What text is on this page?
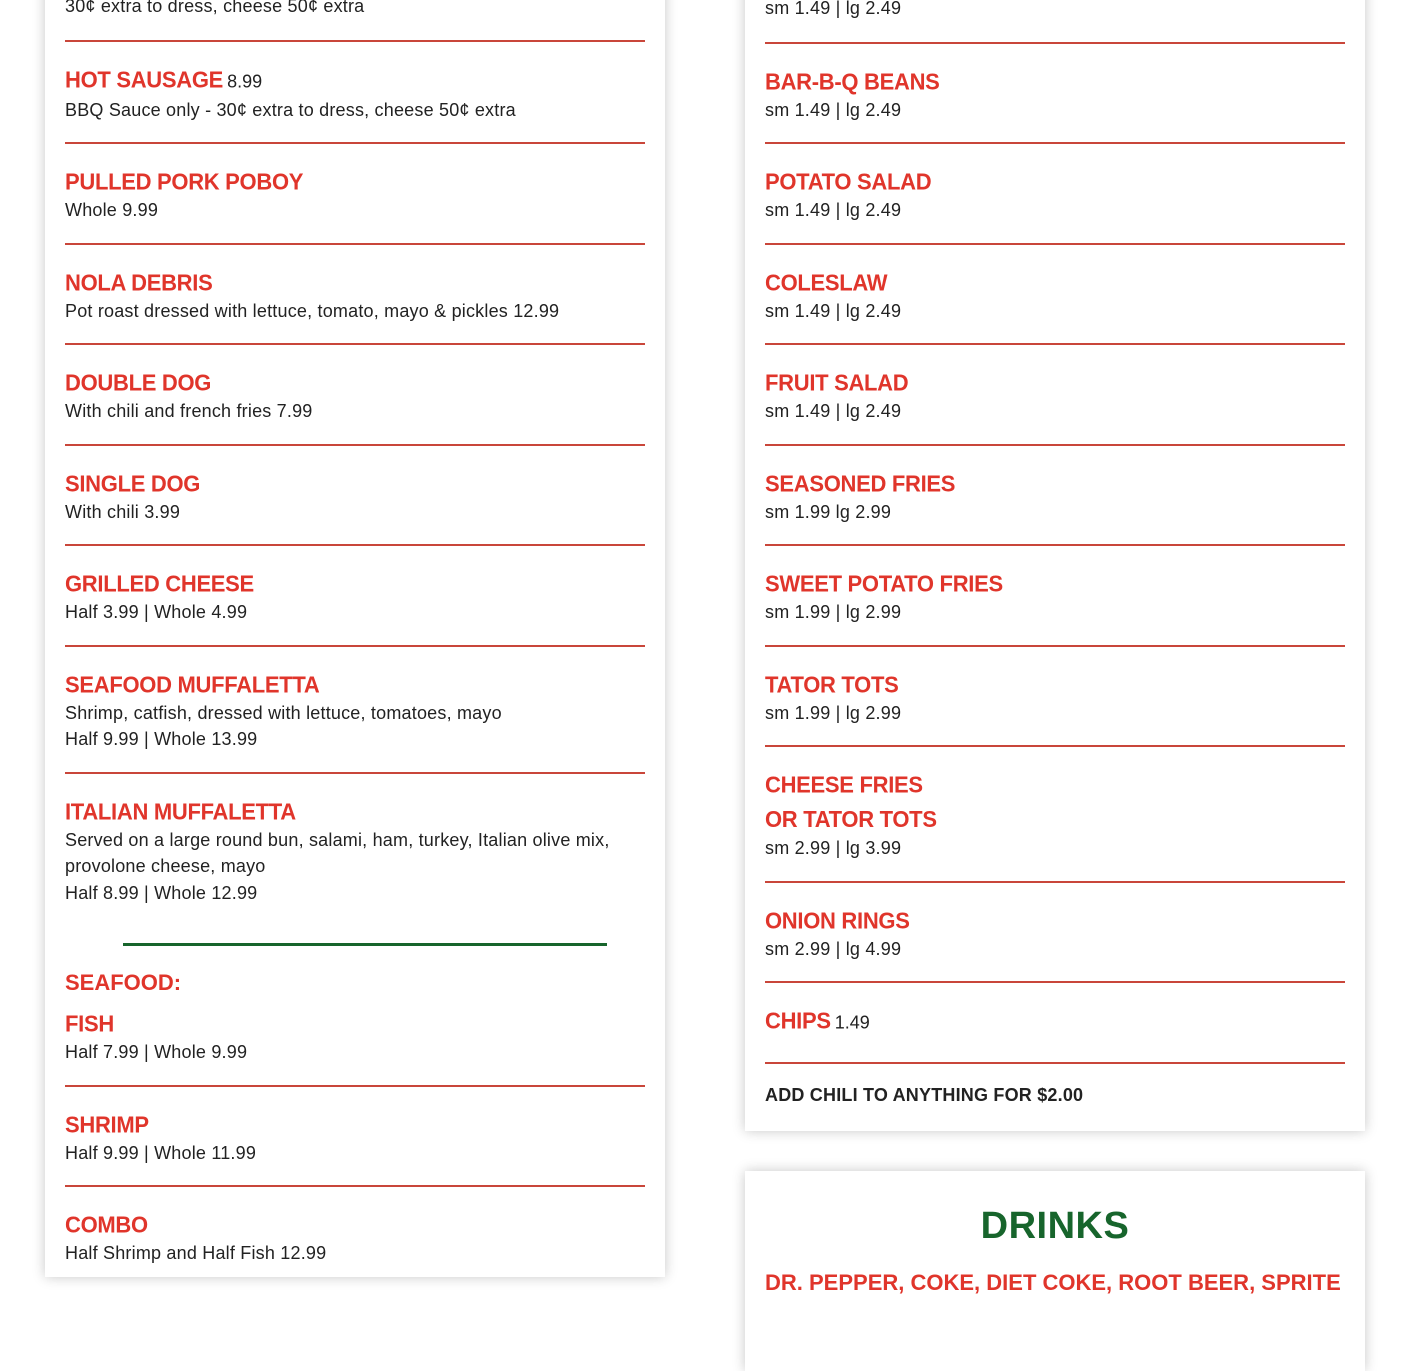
30¢ extra to dress, cheese 50¢ extra
HOT SAUSAGE 8.99
BBQ Sauce only - 30¢ extra to dress, cheese 50¢ extra
PULLED PORK POBOY
Whole 9.99
NOLA DEBRIS
Pot roast dressed with lettuce, tomato, mayo & pickles 12.99
DOUBLE DOG
With chili and french fries 7.99
SINGLE DOG
With chili 3.99
GRILLED CHEESE
Half 3.99 | Whole 4.99
SEAFOOD MUFFALETTA
Shrimp, catfish, dressed with lettuce, tomatoes, mayo
Half 9.99 | Whole 13.99
ITALIAN MUFFALETTA
Served on a large round bun, salami, ham, turkey, Italian olive mix, provolone cheese, mayo
Half 8.99 | Whole 12.99
SEAFOOD:
FISH
Half 7.99 | Whole 9.99
SHRIMP
Half 9.99 | Whole 11.99
COMBO
Half Shrimp and Half Fish 12.99
sm 1.49 | lg 2.49
BAR-B-Q BEANS
sm 1.49 | lg 2.49
POTATO SALAD
sm 1.49 | lg 2.49
COLESLAW
sm 1.49 | lg 2.49
FRUIT SALAD
sm 1.49 | lg 2.49
SEASONED FRIES
sm 1.99 lg 2.99
SWEET POTATO FRIES
sm 1.99 | lg 2.99
TATOR TOTS
sm 1.99 | lg 2.99
CHEESE FRIES
OR TATOR TOTS
sm 2.99 | lg 3.99
ONION RINGS
sm 2.99 | lg 4.99
CHIPS 1.49
ADD CHILI TO ANYTHING FOR $2.00
DRINKS
DR. PEPPER, COKE, DIET COKE, ROOT BEER, SPRITE
